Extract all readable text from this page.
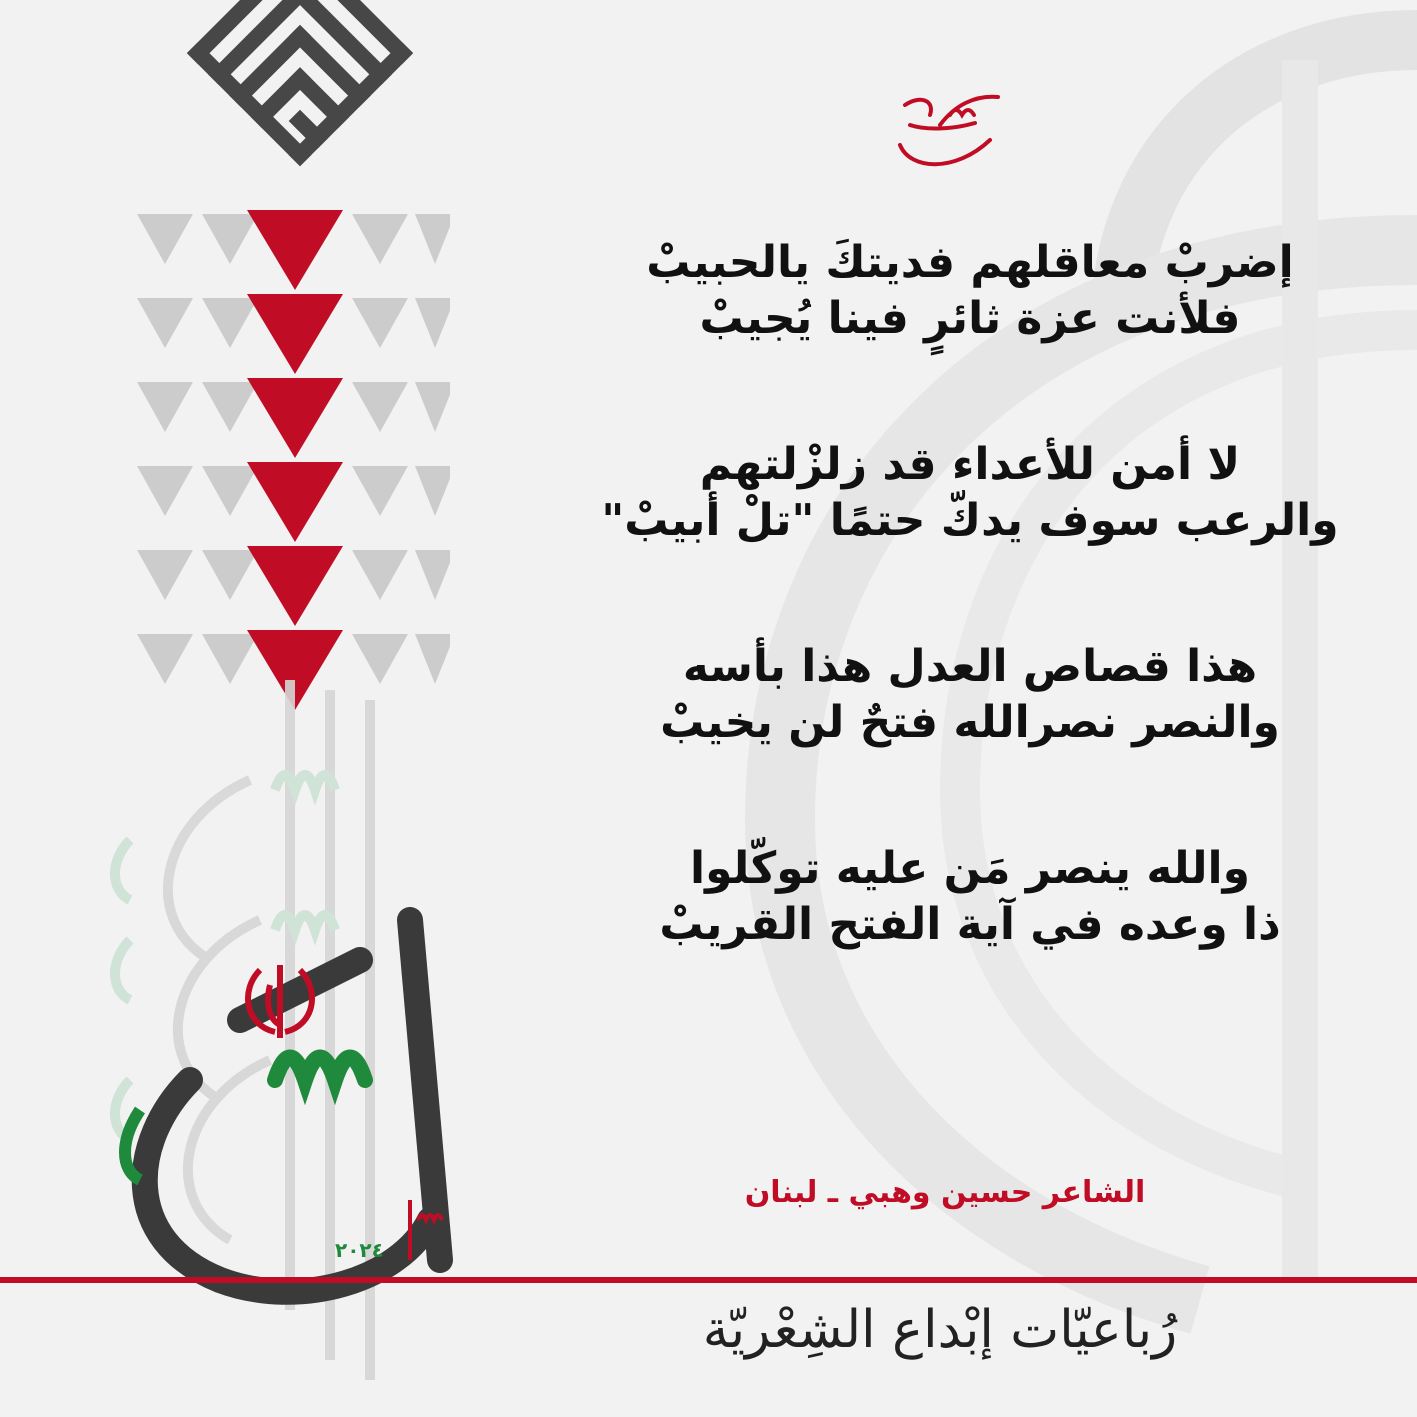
إضربْ معاقلهم فديتكَ يالحبيبْ

فلأنت عزة ثائرٍ فينا يُجيبْ

لا أمن للأعداء قد زلزْلتهم

والرعب سوف يدكّ حتمًا "تلْ أبيبْ"

هذا قصاص العدل هذا بأسه

والنصر نصرالله فتحٌ لن يخيبْ

والله ينصر مَن عليه توكّلوا

ذا وعده في آية الفتح القريبْ

الشاعر حسين وهبي ـ لبنان
٢٠٢٤
رُباعيّات إبْداع الشِعْريّة
